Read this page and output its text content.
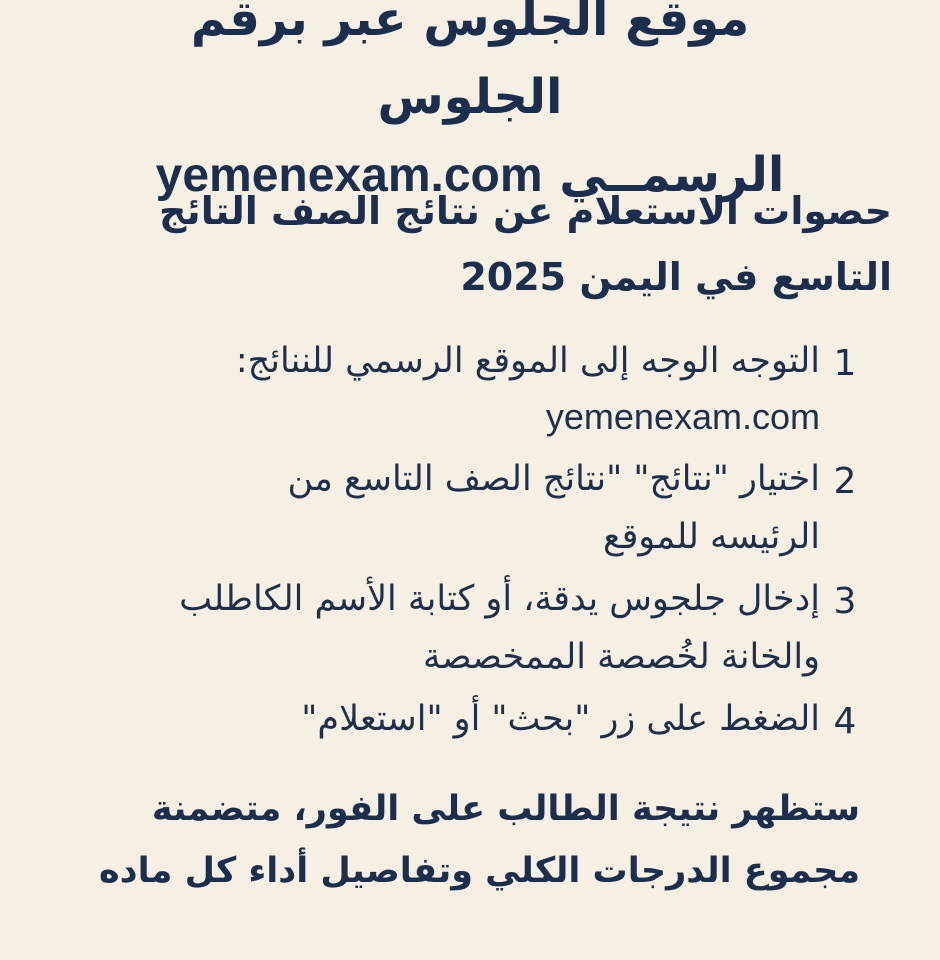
موقع الجلوس عبر برقم الجلوس
الرسمــي yemenexam.com
حصوات الاستعلام عن نتائج الصف التائج
التاسع في اليمن 2025
1
التوجه الوجه إلى الموقع الرسمي للننائج:
yemenexam.com
2
اختيار "نتائج" "نتائج الصف التاسع من
الرئيسه للموقع
3
إدخال جلجوس يدقة، أو كتابة الأسم الكاطلب
والخانة لخُصصة الممخصصة
4
الضغط على زر "بحث" أو "استعلام"
ستظهر نتيجة الطالب على الفور، متضمنة
مجموع الدرجات الكلي وتفاصيل أداء كل ماده
